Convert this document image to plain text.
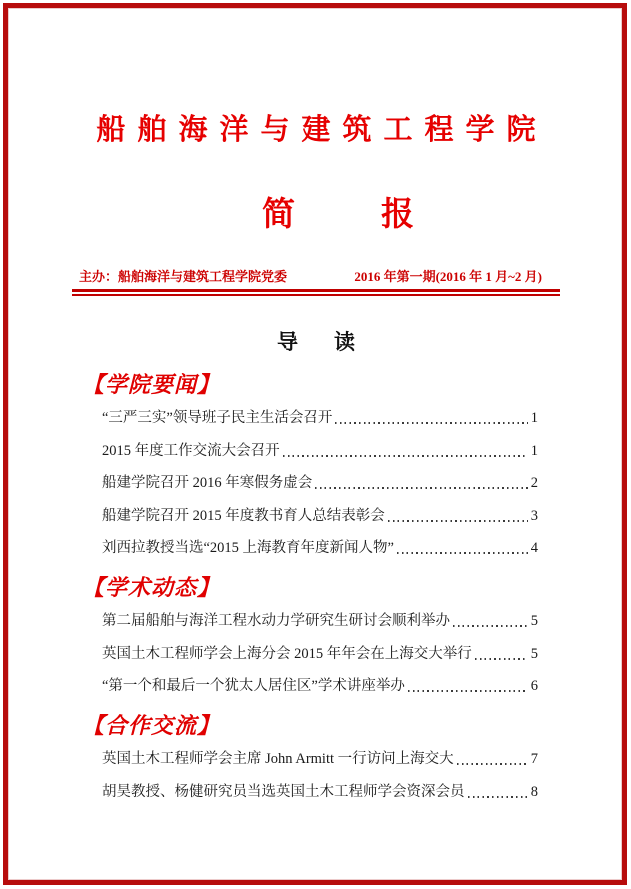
船舶海洋与建筑工程学院
简	报
主办：船舶海洋与建筑工程学院党委	2016 年第一期(2016 年 1 月~2 月)
导 读
【学院要闻】
“三严三实”领导班子民主生活会召开	1
2015 年度工作交流大会召开	1
船建学院召开 2016 年寒假务虚会	2
船建学院召开 2015 年度教书育人总结表彰会	3
刘西拉教授当选“2015 上海教育年度新闻人物”	4
【学术动态】
第二届船舶与海洋工程水动力学研究生研讨会顺利举办	5
英国土木工程师学会上海分会 2015 年年会在上海交大举行	5
“第一个和最后一个犹太人居住区”学术讲座举办	6
【合作交流】
英国土木工程师学会主席 John Armitt 一行访问上海交大	7
胡昊教授、杨健研究员当选英国土木工程师学会资深会员	8
